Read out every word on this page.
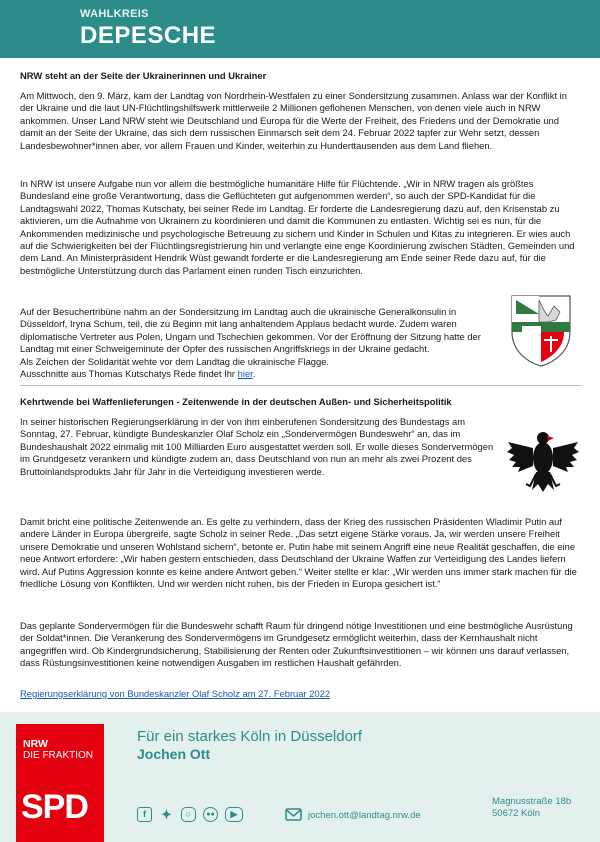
WAHLKREIS
DEPESCHE
NRW steht an der Seite der Ukrainerinnen und Ukrainer

Am Mittwoch, den 9. März, kam der Landtag von Nordrhein-Westfalen zu einer Sondersitzung zusammen. Anlass war der Konflikt in der Ukraine und die laut UN-Flüchtlingshilfswerk mittlerweile 2 Millionen geflohenen Menschen, von denen viele auch in NRW ankommen. Unser Land NRW steht wie Deutschland und Europa für die Werte der Freiheit, des Friedens und der Demokratie und damit an der Seite der Ukraine, das sich dem russischen Einmarsch seit dem 24. Februar 2022 tapfer zur Wehr setzt, dessen Landesbewohner*innen aber, vor allem Frauen und Kinder, weiterhin zu Hunderttausenden aus dem Land fliehen.

In NRW ist unsere Aufgabe nun vor allem die bestmögliche humanitäre Hilfe für Flüchtende. „Wir in NRW tragen als größtes Bundesland eine große Verantwortung, dass die Geflüchteten gut aufgenommen werden“, so auch der SPD-Kandidat für die Landtagswahl 2022, Thomas Kutschaty, bei seiner Rede im Landtag. Er forderte die Landesregierung dazu auf, den Krisenstab zu aktivieren, um die Aufnahme von Ukrainern zu koordinieren und damit die Kommunen zu entlasten. Wichtig sei es nun, für die Ankommenden medizinische und psychologische Betreuung zu sichern und Kinder in Schulen und Kitas zu integrieren. Er wies auch auf die Schwierigkeiten bei der Flüchtlingsregistrierung hin und verlangte eine enge Koordinierung zwischen Städten, Gemeinden und dem Land. An Ministerpräsident Hendrik Wüst gewandt forderte er die Landesregierung am Ende seiner Rede dazu auf, für die bestmögliche Unterstützung durch das Parlament einen runden Tisch einzurichten.

Auf der Besuchertribüne nahm an der Sondersitzung im Landtag auch die ukrainische Generalkonsulin in Düsseldorf, Iryna Schum, teil, die zu Beginn mit lang anhaltendem Applaus bedacht wurde. Zudem waren diplomatische Vertreter aus Polen, Ungarn und Tschechien gekommen. Vor der Eröffnung der Sitzung hatte der Landtag mit einer Schweigeminute der Opfer des russischen Angriffskriegs in der Ukraine gedacht.

Als Zeichen der Solidarität wehte vor dem Landtag die ukrainische Flagge.

Ausschnitte aus Thomas Kutschatys Rede findet Ihr hier.

Kehrtwende bei Waffenlieferungen - Zeitenwende in der deutschen Außen- und Sicherheitspolitik

In seiner historischen Regierungserklärung in der von ihm einberufenen Sondersitzung des Bundestags am Sonntag, 27. Februar, kündigte Bundeskanzler Olaf Scholz ein „Sondervermögen Bundeswehr“ an, das im Bundeshaushalt 2022 einmalig mit 100 Milliarden Euro ausgestattet werden soll. Er wolle dieses Sondervermögen im Grundgesetz verankern und kündigte zudem an, dass Deutschland von nun an mehr als zwei Prozent des Bruttoinlandsprodukts Jahr für Jahr in die Verteidigung investieren werde.

Damit bricht eine politische Zeitenwende an. Es gelte zu verhindern, dass der Krieg des russischen Präsidenten Wladimir Putin auf andere Länder in Europa übergreife, sagte Scholz in seiner Rede. „Das setzt eigene Stärke voraus. Ja, wir werden unsere Freiheit unsere Demokratie und unseren Wohlstand sichern“, betonte er. Putin habe mit seinem Angriff eine neue Realität geschaffen, die eine neue Antwort erfordere: „Wir haben gestern entschieden, dass Deutschland der Ukraine Waffen zur Verteidigung des Landes liefern wird. Auf Putins Aggression konnte es keine andere Antwort geben.“ Weiter stellte er klar: „Wir werden uns immer stark machen für die friedliche Lösung von Konflikten. Und wir werden nicht ruhen, bis der Frieden in Europa gesichert ist.“

Das geplante Sondervermögen für die Bundeswehr schafft Raum für dringend nötige Investitionen und eine bestmögliche Ausrüstung der Soldat*innen. Die Verankerung des Sondervermögens im Grundgesetz ermöglicht weiterhin, dass der Kernhaushalt nicht angegriffen wird. Ob Kindergrundsicherung, Stabilisierung der Renten oder Zukunftsinvestitionen – wir können uns darauf verlassen, dass Rüstungsinvestitionen keine notwendigen Ausgaben im restlichen Haushalt gefährden.

Regierungserklärung von Bundeskanzler Olaf Scholz am 27. Februar 2022

NRW
DIE FRAKTION
SPD
Für ein starkes Köln in Düsseldorf
Jochen Ott
f	✦	○	●●	▶	jochen.ott@landtag.nrw.de
Magnusstraße 18b
50672 Köln
